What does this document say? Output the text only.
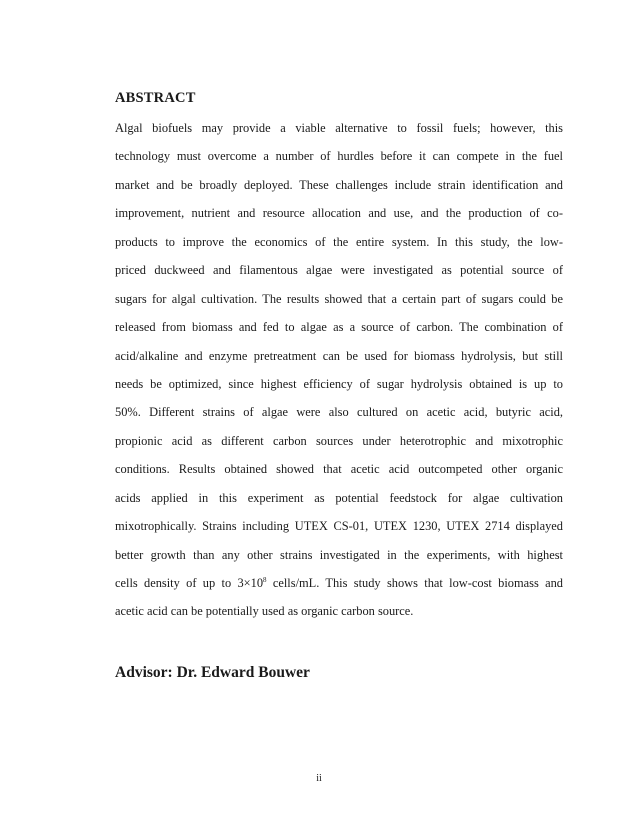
ABSTRACT
Algal biofuels may provide a viable alternative to fossil fuels; however, this
technology must overcome a number of hurdles before it can compete in the fuel
market and be broadly deployed. These challenges include strain identification and
improvement, nutrient and resource allocation and use, and the production of co-
products to improve the economics of the entire system. In this study, the low-
priced duckweed and filamentous algae were investigated as potential source of
sugars for algal cultivation. The results showed that a certain part of sugars could be
released from biomass and fed to algae as a source of carbon. The combination of
acid/alkaline and enzyme pretreatment can be used for biomass hydrolysis, but still
needs be optimized, since highest efficiency of sugar hydrolysis obtained is up to
50%. Different strains of algae were also cultured on acetic acid, butyric acid,
propionic acid as different carbon sources under heterotrophic and mixotrophic
conditions. Results obtained showed that acetic acid outcompeted other organic
acids applied in this experiment as potential feedstock for algae cultivation
mixotrophically. Strains including UTEX CS-01, UTEX 1230, UTEX 2714 displayed
better growth than any other strains investigated in the experiments, with highest
cells density of up to $3\times 10^8$ cells/mL. This study shows that low-cost biomass and
acetic acid can be potentially used as organic carbon source.
Advisor: Dr. Edward Bouwer
ii
